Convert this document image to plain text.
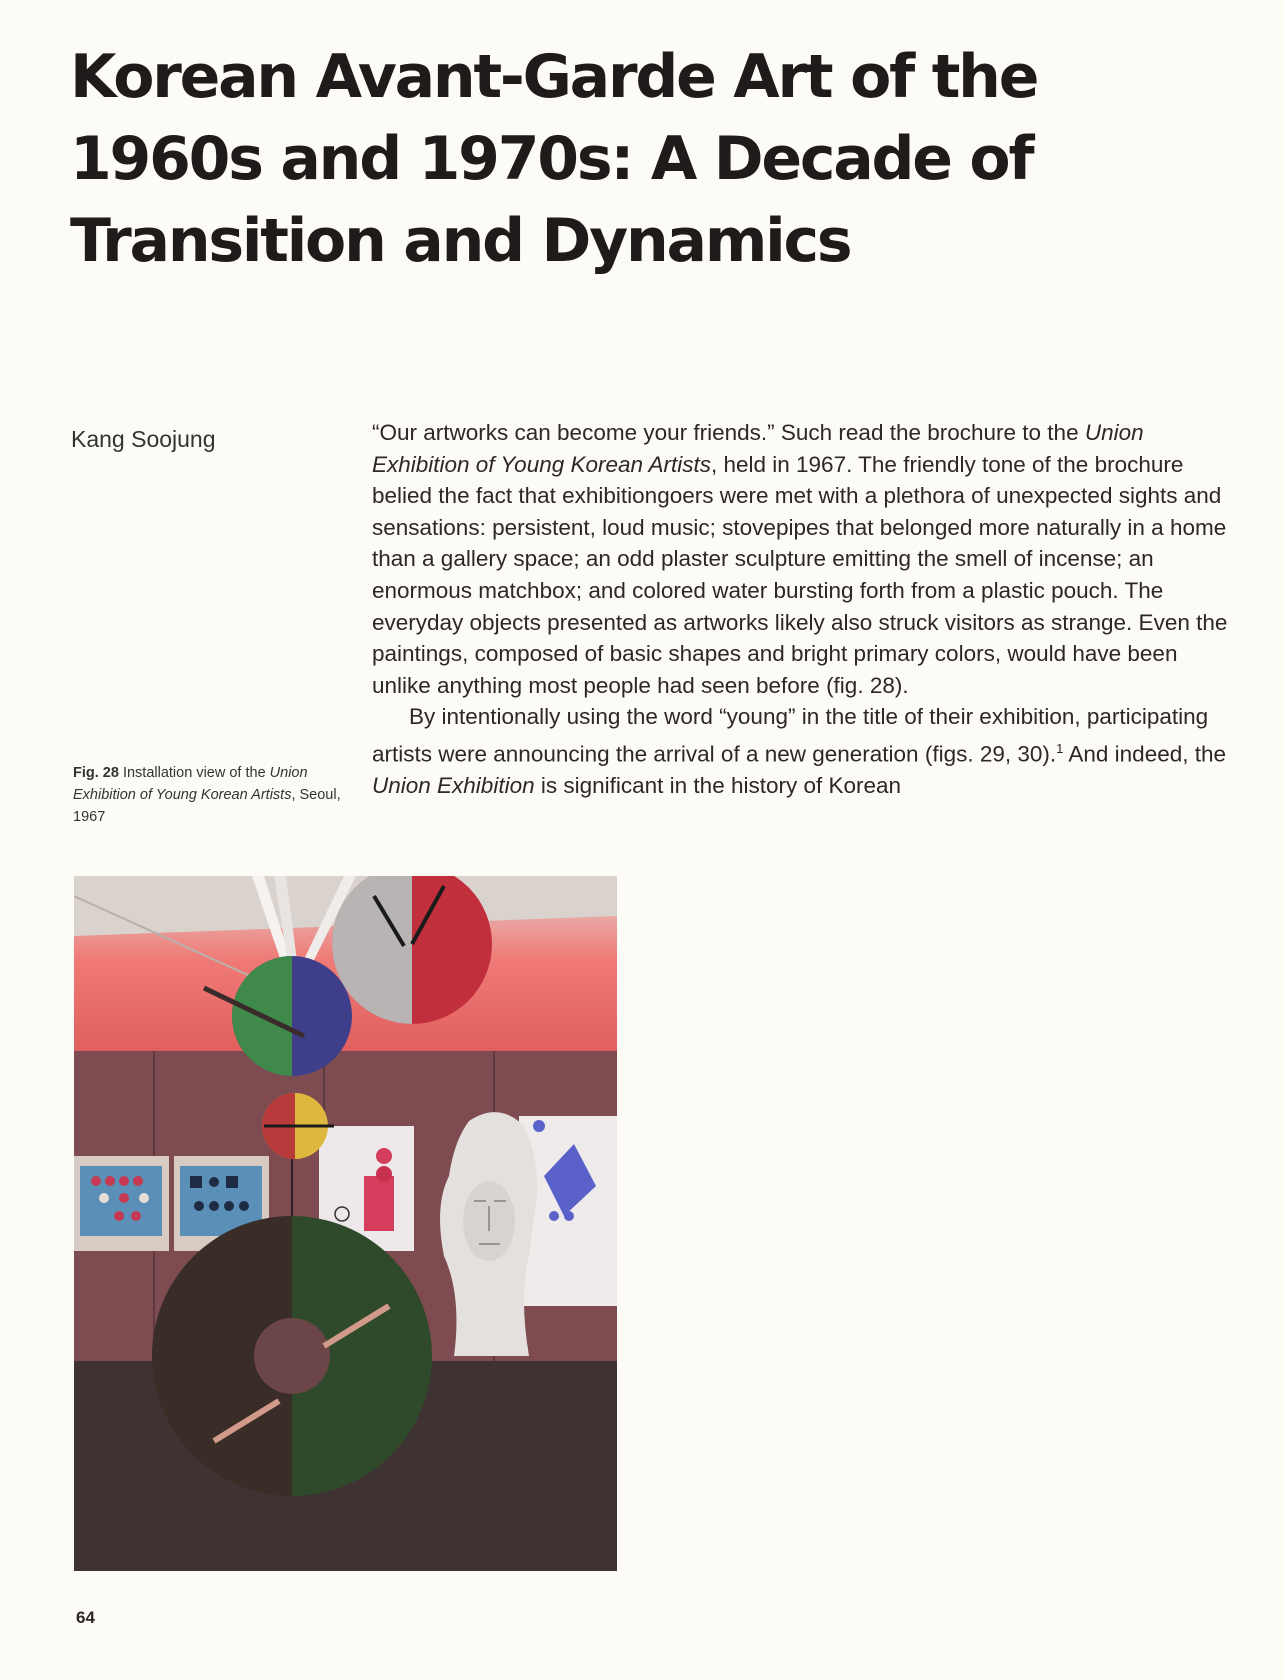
Korean Avant-Garde Art of the 1960s and 1970s: A Decade of Transition and Dynamics
Kang Soojung	“Our artworks can become your friends.” Such read the brochure to the Union Exhibition of Young Korean Artists, held in 1967. The friendly tone of the brochure belied the fact that exhibitiongoers were met with a plethora of unexpected sights and sensations: persistent, loud music; stovepipes that belonged more naturally in a home than a gallery space; an odd plaster sculpture emitting the smell of incense; an enormous matchbox; and colored water bursting forth from a plastic pouch. The everyday objects presented as artworks likely also struck visitors as strange. Even the paintings, composed of basic shapes and bright primary colors, would have been unlike anything most people had seen before (fig. 28).

By intentionally using the word “young” in the title of their exhibition, participating artists were announcing the arrival of a new generation (figs. 29, 30).$^1$ And indeed, the Union Exhibition is significant in the history of Korean

Fig. 28 Installation view of the Union Exhibition of Young Korean Artists, Seoul, 1967
64
